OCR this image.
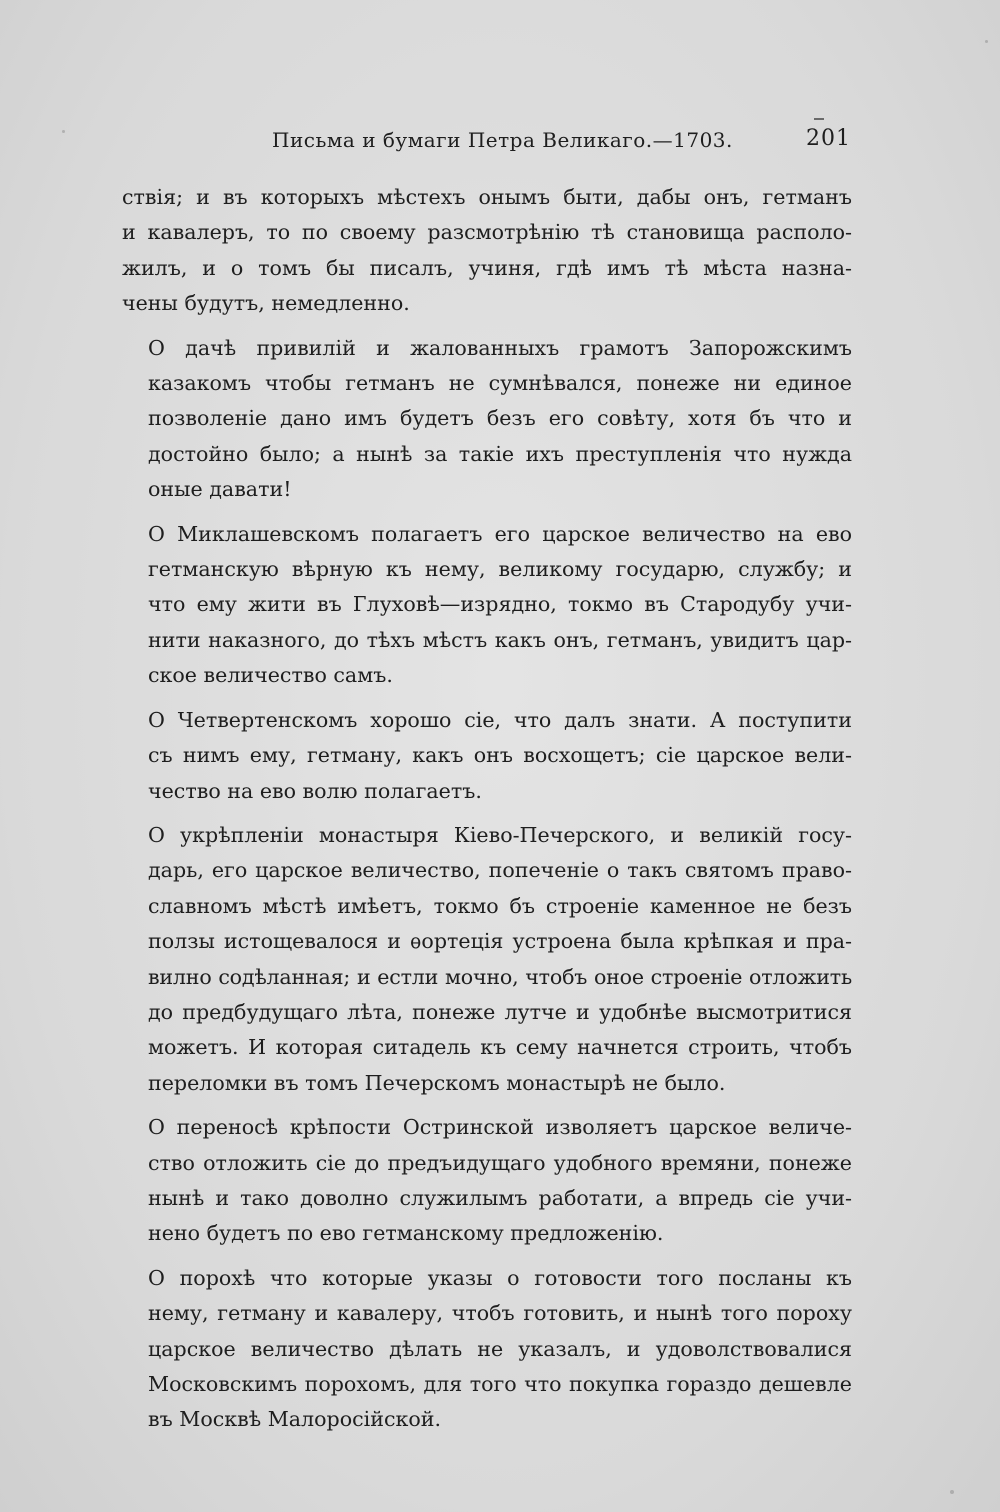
Письма и бумаги Петра Великаго.—1703.	201

ствія; и въ которыхъ мѣстехъ онымъ быти, дабы онъ, гетманъ
и кавалеръ, то по своему разсмотрѣнію тѣ становища располо-
жилъ, и о томъ бы писалъ, учиня, гдѣ имъ тѣ мѣста назна-
чены будутъ, немедленно.

О дачѣ привилій и жалованныхъ грамотъ Запорожскимъ
казакомъ чтобы гетманъ не сумнѣвался, понеже ни единое
позволеніе дано имъ будетъ безъ его совѣту, хотя бъ что и
достойно было; а нынѣ за такіе ихъ преступленія что нужда
оные давати!

О Миклашевскомъ полагаетъ его царское величество на ево
гетманскую вѣрную къ нему, великому государю, службу; и
что ему жити въ Глуховѣ—изрядно, токмо въ Стародубу учи-
нити наказного, до тѣхъ мѣстъ какъ онъ, гетманъ, увидитъ цар-
ское величество самъ.

О Четвертенскомъ хорошо сіе, что далъ знати. А поступити
съ нимъ ему, гетману, какъ онъ восхощетъ; сіе царское вели-
чество на ево волю полагаетъ.

О укрѣпленіи монастыря Кіево-Печерского, и великій госу-
дарь, его царское величество, попеченіе о такъ святомъ право-
славномъ мѣстѣ имѣетъ, токмо бъ строеніе каменное не безъ
ползы истощевалося и ѳортеція устроена была крѣпкая и пра-
вилно содѣланная; и естли мочно, чтобъ оное строеніе отложить
до предбудущаго лѣта, понеже лутче и удобнѣе высмотритися
можетъ. И которая ситадель къ сему начнется строить, чтобъ
переломки въ томъ Печерскомъ монастырѣ не было.

О переносѣ крѣпости Остринской изволяетъ царское величе-
ство отложить сіе до предъидущаго удобного времяни, понеже
нынѣ и тако доволно служилымъ работати, а впредь сіе учи-
нено будетъ по ево гетманскому предложенію.

О порохѣ что которые указы о готовости того посланы къ
нему, гетману и кавалеру, чтобъ готовить, и нынѣ того пороху
царское величество дѣлать не указалъ, и удоволствовалися
Московскимъ порохомъ, для того что покупка гораздо дешевле
въ Москвѣ Малоросійской.
